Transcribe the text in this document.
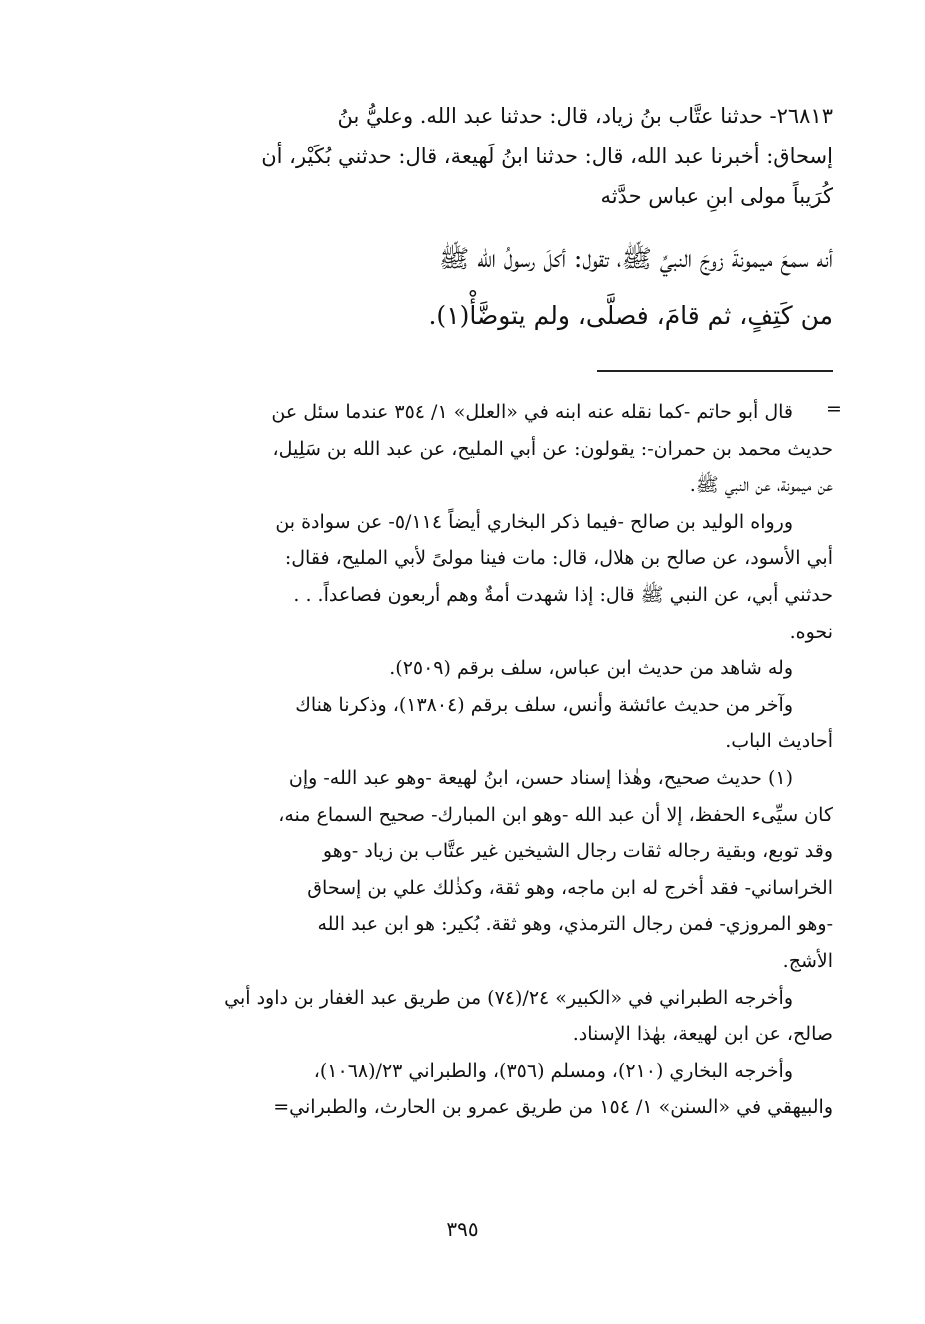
٢٦٨١٣- حدثنا عتَّاب بنُ زياد، قال: حدثنا عبد الله. وعليُّ بنُ

إسحاق: أخبرنا عبد الله، قال: حدثنا ابنُ لَهيعة، قال: حدثني بُكَيْر، أن

كُرَيباً مولى ابنِ عباس حدَّثه

أنه سمعَ ميمونةَ زوجَ النبيِّ ﷺ، تقول: أكلَ رسولُ الله ﷺ

من كَتِفٍ، ثم قامَ، فصلَّى، ولم يتوضَّأْ(١).

=

قال أبو حاتم -كما نقله عنه ابنه في «العلل» ١/ ٣٥٤ عندما سئل عن

حديث محمد بن حمران-: يقولون: عن أبي المليح، عن عبد الله بن سَلِيل،

عن ميمونة، عن النبي ﷺ.

ورواه الوليد بن صالح -فيما ذكر البخاري أيضاً ٥/١١٤- عن سوادة بن

أبي الأسود، عن صالح بن هلال، قال: مات فينا مولىً لأبي المليح، فقال:

حدثني أبي، عن النبي ﷺ قال: إذا شهدت أمةٌ وهم أربعون فصاعداً. . .

نحوه.

وله شاهد من حديث ابن عباس، سلف برقم (٢٥٠٩).

وآخر من حديث عائشة وأنس، سلف برقم (١٣٨٠٤)، وذكرنا هناك

أحاديث الباب.

(١) حديث صحيح، وهٰذا إسناد حسن، ابنُ لهيعة -وهو عبد الله- وإن

كان سيِّىء الحفظ، إلا أن عبد الله -وهو ابن المبارك- صحيح السماع منه،

وقد توبع، وبقية رجاله ثقات رجال الشيخين غير عتَّاب بن زياد -وهو

الخراساني- فقد أخرج له ابن ماجه، وهو ثقة، وكذٰلك علي بن إسحاق

-وهو المروزي- فمن رجال الترمذي، وهو ثقة. بُكير: هو ابن عبد الله

الأشج.

وأخرجه الطبراني في «الكبير» ٢٤/(٧٤) من طريق عبد الغفار بن داود أبي

صالح، عن ابن لهيعة، بهٰذا الإسناد.

وأخرجه البخاري (٢١٠)، ومسلم (٣٥٦)، والطبراني ٢٣/(١٠٦٨)،

والبيهقي في «السنن» ١/ ١٥٤ من طريق عمرو بن الحارث، والطبراني=

٣٩٥
